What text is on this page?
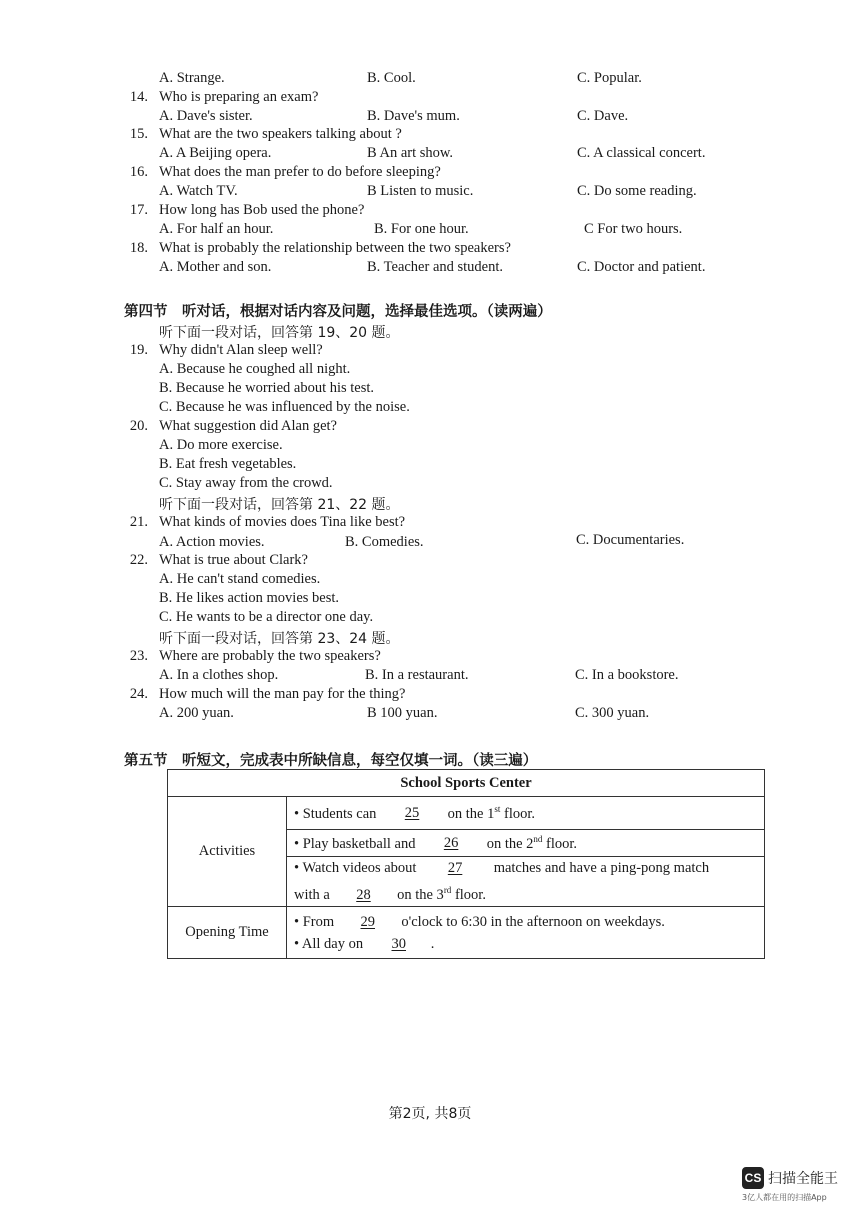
A. Strange.	B. Cool.	C. Popular.
14. Who is preparing an exam?
A. Dave's sister.	B. Dave's mum.	C. Dave.
15. What are the two speakers talking about ?
A. A Beijing opera.	B An art show.	C. A classical concert.
16. What does the man prefer to do before sleeping?
A. Watch TV.	B Listen to music.	C. Do some reading.
17. How long has Bob used the phone?
A. For half an hour.	B. For one hour.	C For two hours.
18. What is probably the relationship between the two speakers?
A. Mother and son.	B. Teacher and student.	C. Doctor and patient.
第四节　听对话，根据对话内容及问题，选择最佳选项。（读两遍）
听下面一段对话，回答第 19、20 题。
19. Why didn't Alan sleep well?
A. Because he coughed all night.
B. Because he worried about his test.
C. Because he was influenced by the noise.
20. What suggestion did Alan get?
A. Do more exercise.
B. Eat fresh vegetables.
C. Stay away from the crowd.
听下面一段对话，回答第 21、22 题。
21. What kinds of movies does Tina like best?
A. Action movies.	B. Comedies.	C. Documentaries.
22. What is true about Clark?
A. He can't stand comedies.
B. He likes action movies best.
C. He wants to be a director one day.
听下面一段对话，回答第 23、24 题。
23. Where are probably the two speakers?
A. In a clothes shop.	B. In a restaurant.	C. In a bookstore.
24. How much will the man pay for the thing?
A. 200 yuan.	B 100 yuan.	C. 300 yuan.
第五节　听短文，完成表中所缺信息，每空仅填一词。（读三遍）
School Sports Center	
Activities	• Students can 25 on the 1st floor.
	• Play basketball and 26 on the 2nd floor.
	• Watch videos about 27 matches and have a ping-pong match
with a 28 on the 3rd floor.
Opening Time	• From 29 o'clock to 6:30 in the afternoon on weekdays.
• All day on 30 .
第2页, 共8页
CS 扫描全能王
3亿人都在用的扫描App
